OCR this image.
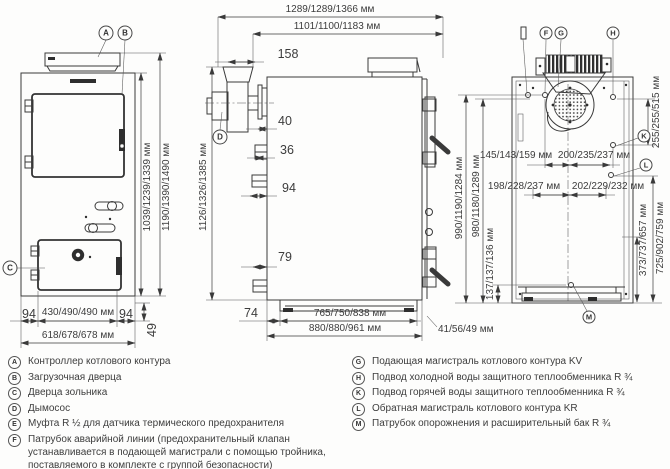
A	B
C
D
F	G	H
K
L
M
1039/1239/1339 мм 1190/1390/1490 мм
94 430/490/490 мм 94
618/678/678 мм 49
1289/1289/1366 мм
1101/1100/1183 мм
158
40
36
94
79
1126/1326/1385 мм
74	765/750/838 мм
880/880/961 мм	41/56/49 мм
990/1190/1284 мм 980/1180/1289 мм
137/137/136 мм
145/143/159 мм 200/235/237 мм
198/228/237 мм 202/229/232 мм
255/255/515 мм
373/737/657 мм 725/902/759 мм
A	Контроллер котлового контура
B	Загрузочная дверца
C	Дверца зольника
D	Дымосос
E	Муфта R ½ для датчика термического предохранителя
F	Патрубок аварийной линии (предохранительный клапан устанавливается в подающей магистрали с помощью тройника, поставляемого в комплекте с группой безопасности)
G	Подающая магистраль котлового контура KV
H	Подвод холодной воды защитного теплообменника R ¾
K	Подвод горячей воды защитного теплообменника R ¾
L	Обратная магистраль котлового контура KR
M	Патрубок опорожнения и расширительный бак R ¾
